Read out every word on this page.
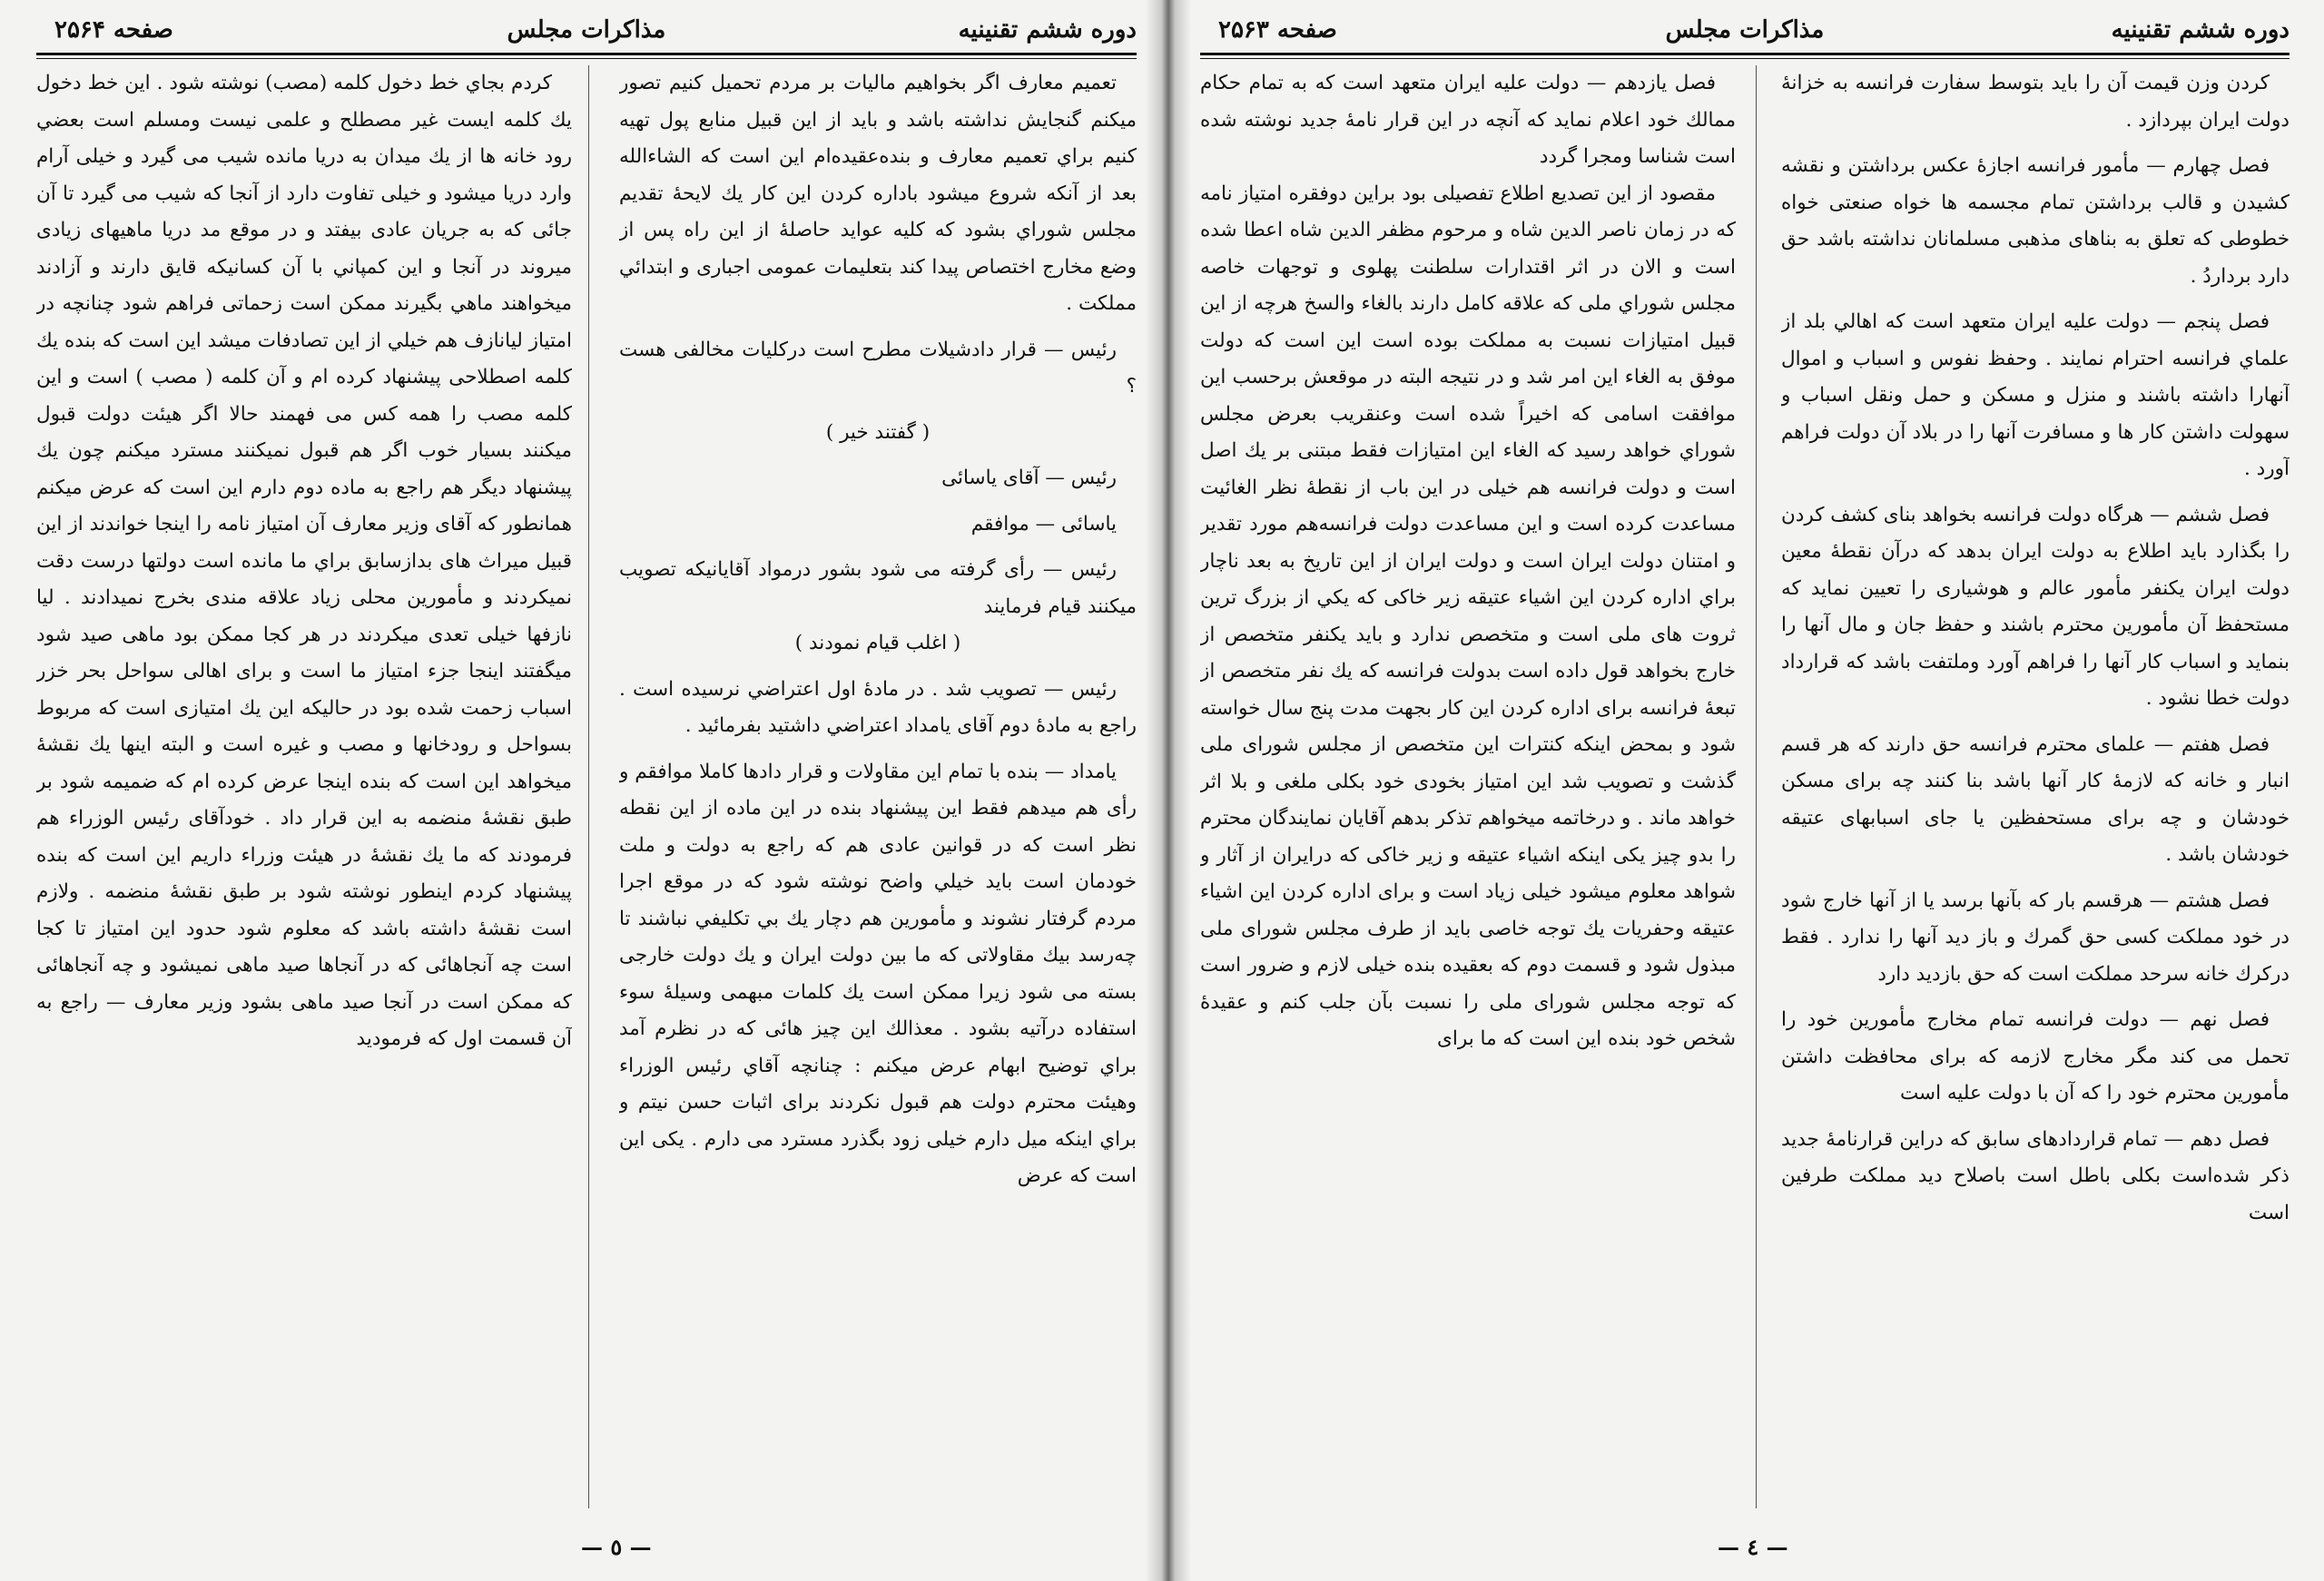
دوره ششم تقنينيه
مذاكرات مجلس
صفحه ۲۵۶۴

تعميم معارف اگر بخواهيم ماليات بر مردم تحميل كنيم تصور ميكنم گنجايش نداشته باشد و بايد از اين قبيل منابع پول تهيه كنيم براي تعميم معارف و بنده‌عقيده‌ام اين است كه الشاءالله بعد از آنكه شروع ميشود باداره كردن اين كار يك لايحهٔ تقديم مجلس شوراي بشود كه كليه عوايد حاصلهٔ از اين راه پس از وضع مخارج اختصاص پيدا كند بتعليمات عمومى اجبارى و ابتدائي مملكت .

رئيس — قرار دادشيلات مطرح است دركليات مخالفى هست ؟

( گفتند خير )

رئيس — آقاى ياسائى

ياسائى — موافقم

رئيس — رأى گرفته مى شود بشور درمواد آقايانيكه تصويب ميكنند قيام فرمايند

( اغلب قيام نمودند )

رئيس — تصويب شد . در مادهٔ اول اعتراضي نرسيده است . راجع به مادهٔ دوم آقاى يامداد اعتراضي داشتيد بفرمائيد .

يامداد — بنده با تمام اين مقاولات و قرار دادها كاملا موافقم و رأى هم ميدهم فقط اين پيشنهاد بنده در اين ماده از اين نقطه نظر است كه در قوانين عادى هم كه راجع به دولت و ملت خودمان است بايد خيلي واضح نوشته شود كه در موقع اجرا مردم گرفتار نشوند و مأمورين هم دچار يك بي تكليفي نباشند تا چه‌رسد بيك مقاولاتى كه ما بين دولت ايران و يك دولت خارجى بسته مى شود زيرا ممكن است يك كلمات مبهمى وسيلهٔ سوء استفاده درآتيه بشود . معذالك اين چيز هائى كه در نظرم آمد براي توضيح ابهام عرض ميكنم : چنانچه آقاي رئيس الوزراء وهيئت محترم دولت هم قبول نكردند براى اثبات حسن نيتم و براي اينكه ميل دارم خيلى زود بگذرد مسترد مى دارم . يكى اين است كه عرض

كردم بجاي خط دخول كلمه (مصب) نوشته شود . اين خط دخول يك كلمه ايست غير مصطلح و علمى نيست ومسلم است بعضي رود خانه ها از يك ميدان به دريا مانده شيب مى گيرد و خيلى آرام وارد دريا ميشود و خيلى تفاوت دارد از آنجا كه شيب مى گيرد تا آن جائى كه به جريان عادى بيفتد و در موقع مد دريا ماهيهاى زيادى ميروند در آنجا و اين كمپاني با آن كسانيكه قايق دارند و آزادند ميخواهند ماهي بگيرند ممكن است زحماتى فراهم شود چنانچه در امتياز ليانازف هم خيلي از اين تصادفات ميشد اين است كه بنده يك كلمه اصطلاحى پيشنهاد كرده ام و آن كلمه ( مصب ) است و اين كلمه مصب را همه كس مى فهمند حالا اگر هيئت دولت قبول ميكنند بسيار خوب اگر هم قبول نميكنند مسترد ميكنم چون يك پيشنهاد ديگر هم راجع به ماده دوم دارم اين است كه عرض ميكنم همانطور كه آقاى وزير معارف آن امتياز نامه را اينجا خواندند از اين قبيل ميراث هاى بدازسابق براي ما مانده است دولتها درست دقت نميكردند و مأمورين محلى زياد علاقه مندى بخرج نميدادند . ليا نازفها خيلى تعدى ميكردند در هر كجا ممكن بود ماهى صيد شود ميگفتند اينجا جزء امتياز ما است و براى اهالى سواحل بحر خزر اسباب زحمت شده بود در حاليكه اين يك امتيازى است كه مربوط بسواحل و رودخانها و مصب و غيره است و البته اينها يك نقشهٔ ميخواهد اين است كه بنده اينجا عرض كرده ام كه ضميمه شود بر طبق نقشهٔ منضمه به اين قرار داد . خودآقاى رئيس الوزراء هم فرمودند كه ما يك نقشهٔ در هيئت وزراء داريم اين است كه بنده پيشنهاد كردم اينطور نوشته شود بر طبق نقشهٔ منضمه . ولازم است نقشهٔ داشته باشد كه معلوم شود حدود اين امتياز تا كجا است چه آنجاهائى كه در آنجاها صيد ماهى نميشود و چه آنجاهائى كه ممكن است در آنجا صيد ماهى بشود وزير معارف — راجع به آن قسمت اول كه فرموديد

— ٥ —
دوره ششم تقنينيه
مذاكرات مجلس
صفحه ۲۵۶۳

كردن وزن قيمت آن را بايد بتوسط سفارت فرانسه به خزانهٔ دولت ايران بپردازد .

فصل چهارم — مأمور فرانسه اجازهٔ عكس برداشتن و نقشه كشيدن و قالب برداشتن تمام مجسمه ها خواه صنعتى خواه خطوطى كه تعلق به بناهاى مذهبى مسلمانان نداشته باشد حق دارد برداردُ .

فصل پنجم — دولت عليه ايران متعهد است كه اهالي بلد از علماي فرانسه احترام نمايند . وحفظ نفوس و اسباب و اموال آنهارا داشته باشند و منزل و مسكن و حمل ونقل اسباب و سهولت داشتن كار ها و مسافرت آنها را در بلاد آن دولت فراهم آورد .

فصل ششم — هرگاه دولت فرانسه بخواهد بناى كشف كردن را بگذارد بايد اطلاع به دولت ايران بدهد كه درآن نقطهٔ معين دولت ايران يكنفر مأمور عالم و هوشيارى را تعيين نمايد كه مستحفظ آن مأمورين محترم باشند و حفظ جان و مال آنها را بنمايد و اسباب كار آنها را فراهم آورد وملتفت باشد كه قرارداد دولت خطا نشود .

فصل هفتم — علماى محترم فرانسه حق دارند كه هر قسم انبار و خانه كه لازمهٔ كار آنها باشد بنا كنند چه براى مسكن خودشان و چه براى مستحفظين يا جاى اسبابهاى عتيقه خودشان باشد .

فصل هشتم — هرقسم بار كه بآنها برسد يا از آنها خارج شود در خود مملكت كسى حق گمرك و باز ديد آنها را ندارد . فقط دركرك خانه سرحد مملكت است كه حق بازديد دارد

فصل نهم — دولت فرانسه تمام مخارج مأمورين خود را تحمل مى كند مگر مخارج لازمه كه براى محافظت داشتن مأمورين محترم خود را كه آن با دولت عليه است

فصل دهم — تمام قراردادهاى سابق كه دراين قرارنامهٔ جديد ذكر شده‌است بكلى باطل است باصلاح ديد مملكت طرفين است

فصل يازدهم — دولت عليه ايران متعهد است كه به تمام حكام ممالك خود اعلام نمايد كه آنچه در اين قرار نامهٔ جديد نوشته شده است شناسا ومجرا گردد

مقصود از اين تصديع اطلاع تفصيلى بود براين دوفقره امتياز نامه كه در زمان ناصر الدين شاه و مرحوم مظفر الدين شاه اعطا شده است و الان در اثر اقتدارات سلطنت پهلوى و توجهات خاصه مجلس شوراي ملى كه علاقه كامل دارند بالغاء والسخ هرچه از اين قبيل امتيازات نسبت به مملكت بوده است اين است كه دولت موفق به الغاء اين امر شد و در نتيجه البته در موقعش برحسب اين موافقت اسامى كه اخيراً شده است وعنقريب بعرض مجلس شوراي خواهد رسيد كه الغاء اين امتيازات فقط مبتنى بر يك اصل است و دولت فرانسه هم خيلى در اين باب از نقطهٔ نظر الغائيت مساعدت كرده است و اين مساعدت دولت فرانسه‌هم مورد تقدير و امتنان دولت ايران است و دولت ايران از اين تاريخ به بعد ناچار براي اداره كردن اين اشياء عتيقه زير خاكى كه يكي از بزرگ ترين ثروت هاى ملى است و متخصص ندارد و بايد يكنفر متخصص از خارج بخواهد قول داده است بدولت فرانسه كه يك نفر متخصص از تبعهٔ فرانسه براى اداره كردن اين كار بجهت مدت پنج سال خواسته شود و بمحض اينكه كنترات اين متخصص از مجلس شوراى ملى گذشت و تصويب شد اين امتياز بخودى خود بكلى ملغى و بلا اثر خواهد ماند . و درخاتمه ميخواهم تذكر بدهم آقايان نمايندگان محترم را بدو چيز يكى اينكه اشياء عتيقه و زير خاكى كه درايران از آثار و شواهد معلوم ميشود خيلى زياد است و براى اداره كردن اين اشياء عتيقه وحفريات يك توجه خاصى بايد از طرف مجلس شوراى ملى مبذول شود و قسمت دوم كه بعقيده بنده خيلى لازم و ضرور است كه توجه مجلس شوراى ملى را نسبت بآن جلب كنم و عقيدهٔ شخص خود بنده اين است كه ما براى

— ٤ —
